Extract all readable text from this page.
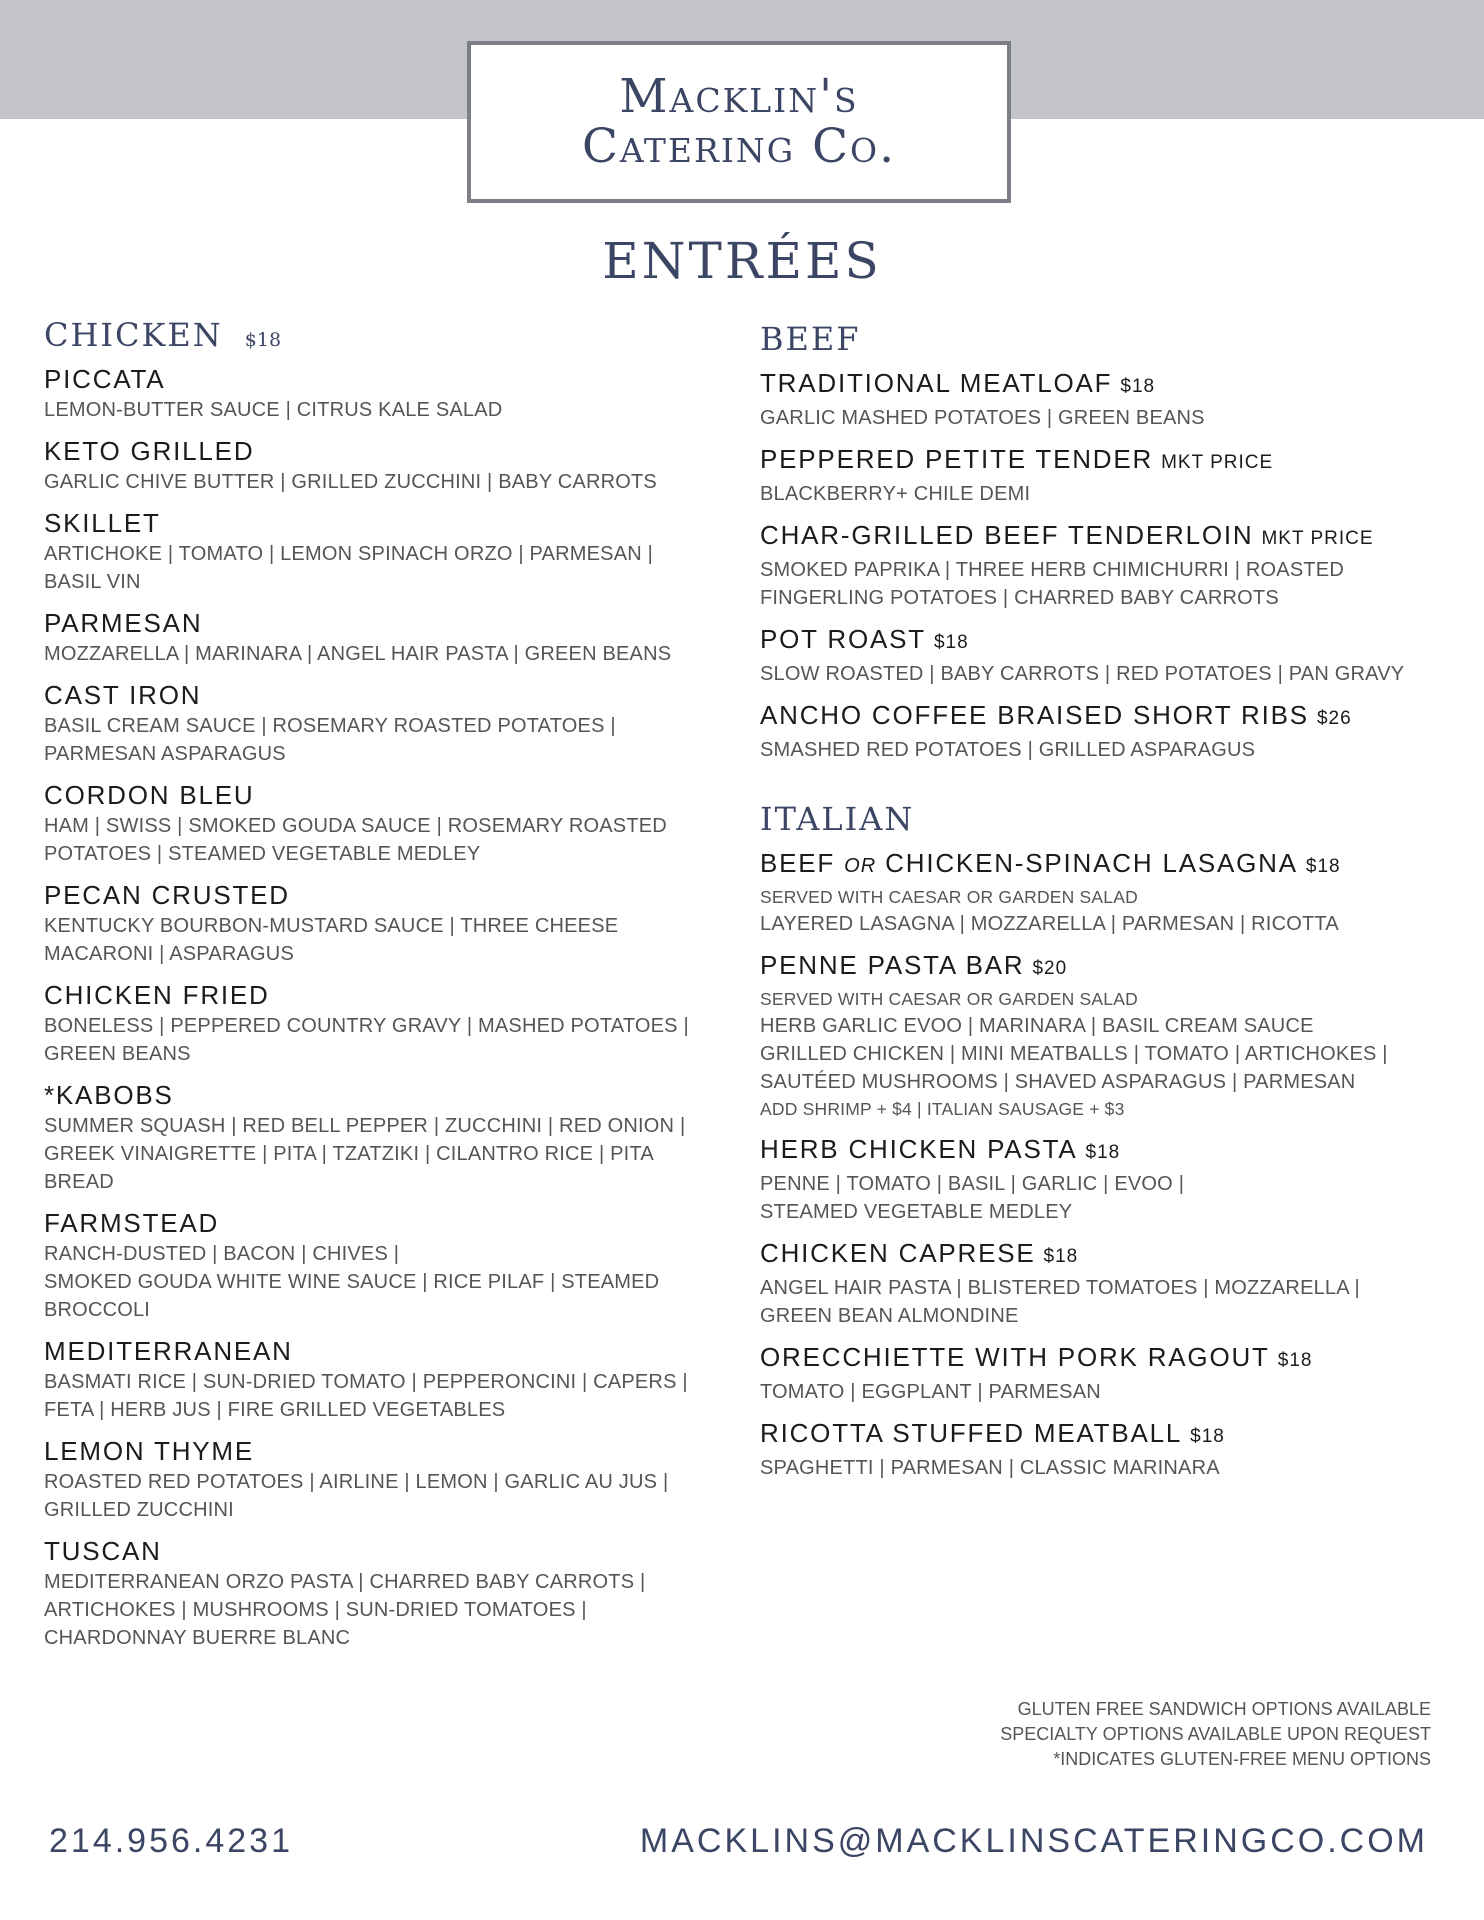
Macklin's
Catering Co.
ENTRÉES
CHICKEN $18
PICCATA
LEMON-BUTTER SAUCE | CITRUS KALE SALAD
KETO GRILLED
GARLIC CHIVE BUTTER | GRILLED ZUCCHINI | BABY CARROTS
SKILLET
ARTICHOKE | TOMATO | LEMON SPINACH ORZO | PARMESAN |
BASIL VIN
PARMESAN
MOZZARELLA | MARINARA | ANGEL HAIR PASTA | GREEN BEANS
CAST IRON
BASIL CREAM SAUCE | ROSEMARY ROASTED POTATOES |
PARMESAN ASPARAGUS
CORDON BLEU
HAM | SWISS | SMOKED GOUDA SAUCE | ROSEMARY ROASTED
POTATOES | STEAMED VEGETABLE MEDLEY
PECAN CRUSTED
KENTUCKY BOURBON-MUSTARD SAUCE | THREE CHEESE
MACARONI | ASPARAGUS
CHICKEN FRIED
BONELESS | PEPPERED COUNTRY GRAVY | MASHED POTATOES |
GREEN BEANS
*KABOBS
SUMMER SQUASH | RED BELL PEPPER | ZUCCHINI | RED ONION |
GREEK VINAIGRETTE | PITA | TZATZIKI | CILANTRO RICE | PITA BREAD
FARMSTEAD
RANCH-DUSTED | BACON | CHIVES |
SMOKED GOUDA WHITE WINE SAUCE | RICE PILAF | STEAMED
BROCCOLI
MEDITERRANEAN
BASMATI RICE | SUN-DRIED TOMATO | PEPPERONCINI | CAPERS |
FETA | HERB JUS | FIRE GRILLED VEGETABLES
LEMON THYME
ROASTED RED POTATOES | AIRLINE | LEMON | GARLIC AU JUS |
GRILLED ZUCCHINI
TUSCAN
MEDITERRANEAN ORZO PASTA | CHARRED BABY CARROTS |
ARTICHOKES | MUSHROOMS | SUN-DRIED TOMATOES |
CHARDONNAY BUERRE BLANC
BEEF
TRADITIONAL MEATLOAF $18
GARLIC MASHED POTATOES | GREEN BEANS
PEPPERED PETITE TENDER MKT PRICE
BLACKBERRY+ CHILE DEMI
CHAR-GRILLED BEEF TENDERLOIN MKT PRICE
SMOKED PAPRIKA | THREE HERB CHIMICHURRI | ROASTED
FINGERLING POTATOES | CHARRED BABY CARROTS
POT ROAST $18
SLOW ROASTED | BABY CARROTS | RED POTATOES | PAN GRAVY
ANCHO COFFEE BRAISED SHORT RIBS $26
SMASHED RED POTATOES | GRILLED ASPARAGUS
ITALIAN
BEEF OR CHICKEN-SPINACH LASAGNA $18
SERVED WITH CAESAR OR GARDEN SALAD
LAYERED LASAGNA | MOZZARELLA | PARMESAN | RICOTTA
PENNE PASTA BAR $20
SERVED WITH CAESAR OR GARDEN SALAD
HERB GARLIC EVOO | MARINARA | BASIL CREAM SAUCE
GRILLED CHICKEN | MINI MEATBALLS | TOMATO | ARTICHOKES |
SAUTÉED MUSHROOMS | SHAVED ASPARAGUS | PARMESAN
ADD SHRIMP + $4 | ITALIAN SAUSAGE + $3
HERB CHICKEN PASTA $18
PENNE | TOMATO | BASIL | GARLIC | EVOO |
STEAMED VEGETABLE MEDLEY
CHICKEN CAPRESE $18
ANGEL HAIR PASTA | BLISTERED TOMATOES | MOZZARELLA |
GREEN BEAN ALMONDINE
ORECCHIETTE WITH PORK RAGOUT $18
TOMATO | EGGPLANT | PARMESAN
RICOTTA STUFFED MEATBALL $18
SPAGHETTI | PARMESAN | CLASSIC MARINARA
GLUTEN FREE SANDWICH OPTIONS AVAILABLE
SPECIALTY OPTIONS AVAILABLE UPON REQUEST
*INDICATES GLUTEN-FREE MENU OPTIONS
214.956.4231	MACKLINS@MACKLINSCATERINGCO.COM
